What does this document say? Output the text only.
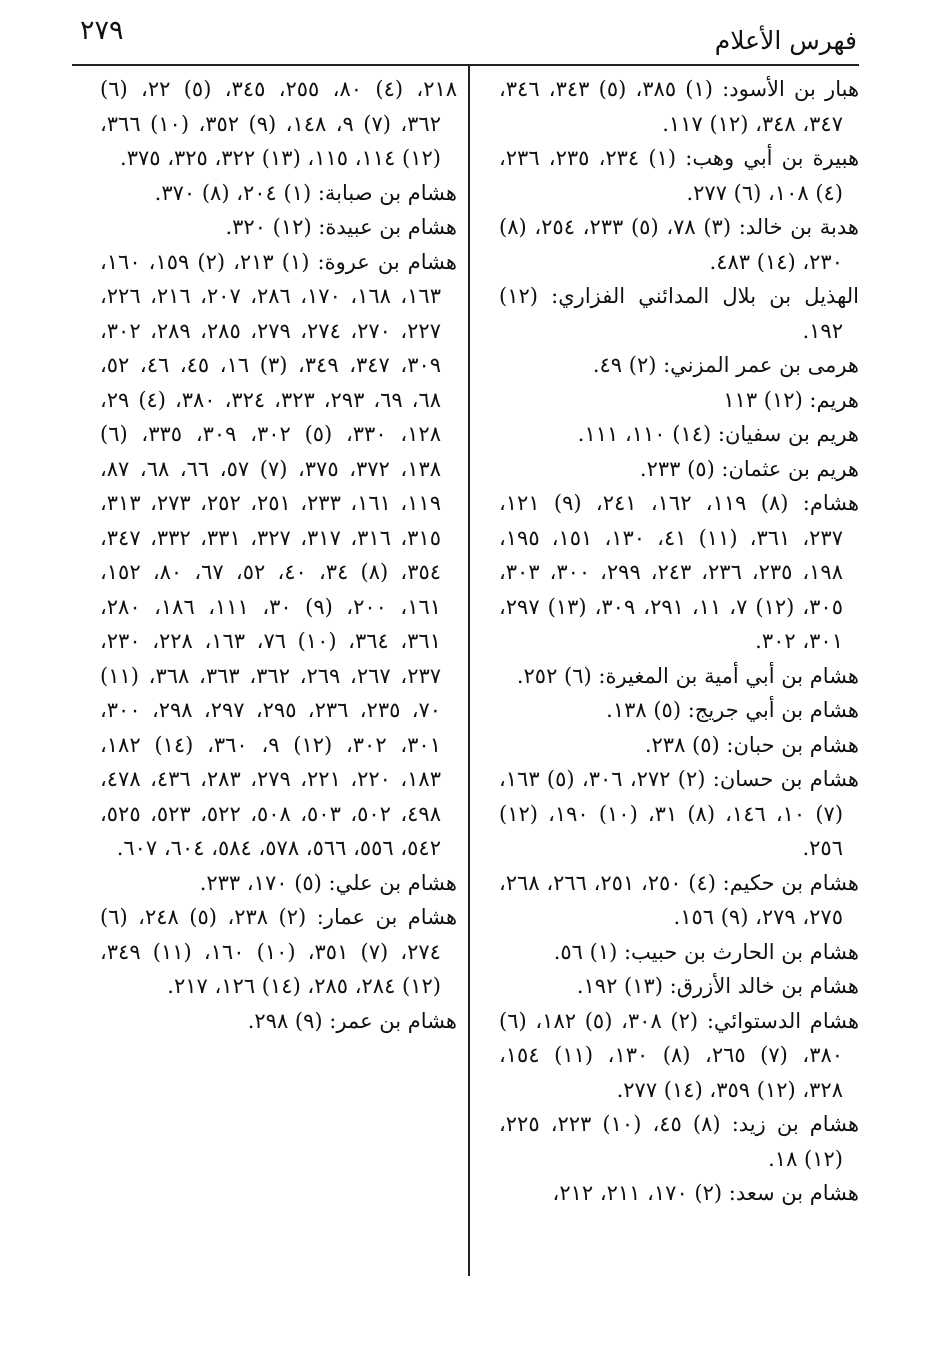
فهرس الأعلام
٢٧٩

هبار بن الأسود: (١) ٣٨٥، (٥) ٣٤٣، ٣٤٦، ٣٤٧، ٣٤٨، (١٢) ١١٧.

هبيرة بن أبي وهب: (١) ٢٣٤، ٢٣٥، ٢٣٦، (٤) ١٠٨، (٦) ٢٧٧.

هدبة بن خالد: (٣) ٧٨، (٥) ٢٣٣، ٢٥٤، (٨) ٢٣٠، (١٤) ٤٨٣.

الهذيل بن بلال المدائني الفزاري: (١٢) ١٩٢.

هرمى بن عمر المزني: (٢) ٤٩.

هريم: (١٢) ١١٣

هريم بن سفيان: (١٤) ١١٠، ١١١.

هريم بن عثمان: (٥) ٢٣٣.

هشام: (٨) ١١٩، ١٦٢، ٢٤١، (٩) ١٢١، ٢٣٧، ٣٦١، (١١) ٤١، ١٣٠، ١٥١، ١٩٥، ١٩٨، ٢٣٥، ٢٣٦، ٢٤٣، ٢٩٩، ٣٠٠، ٣٠٣، ٣٠٥، (١٢) ٧، ١١، ٢٩١، ٣٠٩، (١٣) ٢٩٧، ٣٠١، ٣٠٢.

هشام بن أبي أمية بن المغيرة: (٦) ٢٥٢.

هشام بن أبي جريج: (٥) ١٣٨.

هشام بن حبان: (٥) ٢٣٨.

هشام بن حسان: (٢) ٢٧٢، ٣٠٦، (٥) ١٦٣، (٧) ١٠، ١٤٦، (٨) ٣١، (١٠) ١٩٠، (١٢) ٢٥٦.

هشام بن حكيم: (٤) ٢٥٠، ٢٥١، ٢٦٦، ٢٦٨، ٢٧٥، ٢٧٩، (٩) ١٥٦.

هشام بن الحارث بن حبيب: (١) ٥٦.

هشام بن خالد الأزرق: (١٣) ١٩٢.

هشام الدستوائي: (٢) ٣٠٨، (٥) ١٨٢، (٦) ٣٨٠، (٧) ٢٦٥، (٨) ١٣٠، (١١) ١٥٤، ٣٢٨، (١٢) ٣٥٩، (١٤) ٢٧٧.

هشام بن زيد: (٨) ٤٥، (١٠) ٢٢٣، ٢٢٥، (١٢) ١٨.

هشام بن سعد: (٢) ١٧٠، ٢١١، ٢١٢،

٢١٨، (٤) ٨٠، ٢٥٥، ٣٤٥، (٥) ٢٢، (٦) ٣٦٢، (٧) ٩، ١٤٨، (٩) ٣٥٢، (١٠) ٣٦٦، (١٢) ١١٤، ١١٥، (١٣) ٣٢٢، ٣٢٥، ٣٧٥.

هشام بن صبابة: (١) ٢٠٤، (٨) ٣٧٠.

هشام بن عبيدة: (١٢) ٣٢٠.

هشام بن عروة: (١) ٢١٣، (٢) ١٥٩، ١٦٠، ١٦٣، ١٦٨، ١٧٠، ٢٨٦، ٢٠٧، ٢١٦، ٢٢٦، ٢٢٧، ٢٧٠، ٢٧٤، ٢٧٩، ٢٨٥، ٢٨٩، ٣٠٢، ٣٠٩، ٣٤٧، ٣٤٩، (٣) ١٦، ٤٥، ٤٦، ٥٢، ٦٨، ٦٩، ٢٩٣، ٣٢٣، ٣٢٤، ٣٨٠، (٤) ٢٩، ١٢٨، ٣٣٠، (٥) ٣٠٢، ٣٠٩، ٣٣٥، (٦) ١٣٨، ٣٧٢، ٣٧٥، (٧) ٥٧، ٦٦، ٦٨، ٨٧، ١١٩، ١٦١، ٢٣٣، ٢٥١، ٢٥٢، ٢٧٣، ٣١٣، ٣١٥، ٣١٦، ٣١٧، ٣٢٧، ٣٣١، ٣٣٢، ٣٤٧، ٣٥٤، (٨) ٣٤، ٤٠، ٥٢، ٦٧، ٨٠، ١٥٢، ١٦١، ٢٠٠، (٩) ٣٠، ١١١، ١٨٦، ٢٨٠، ٣٦١، ٣٦٤، (١٠) ٧٦، ١٦٣، ٢٢٨، ٢٣٠، ٢٣٧، ٢٦٧، ٢٦٩، ٣٦٢، ٣٦٣، ٣٦٨، (١١) ٧٠، ٢٣٥، ٢٣٦، ٢٩٥، ٢٩٧، ٢٩٨، ٣٠٠، ٣٠١، ٣٠٢، (١٢) ٩، ٣٦٠، (١٤) ١٨٢، ١٨٣، ٢٢٠، ٢٢١، ٢٧٩، ٢٨٣، ٤٣٦، ٤٧٨، ٤٩٨، ٥٠٢، ٥٠٣، ٥٠٨، ٥٢٢، ٥٢٣، ٥٢٥، ٥٤٢، ٥٥٦، ٥٦٦، ٥٧٨، ٥٨٤، ٦٠٤، ٦٠٧.

هشام بن علي: (٥) ١٧٠، ٢٣٣.

هشام بن عمار: (٢) ٢٣٨، (٥) ٢٤٨، (٦) ٢٧٤، (٧) ٣٥١، (١٠) ١٦٠، (١١) ٣٤٩، (١٢) ٢٨٤، ٢٨٥، (١٤) ١٢٦، ٢١٧.

هشام بن عمر: (٩) ٢٩٨.
